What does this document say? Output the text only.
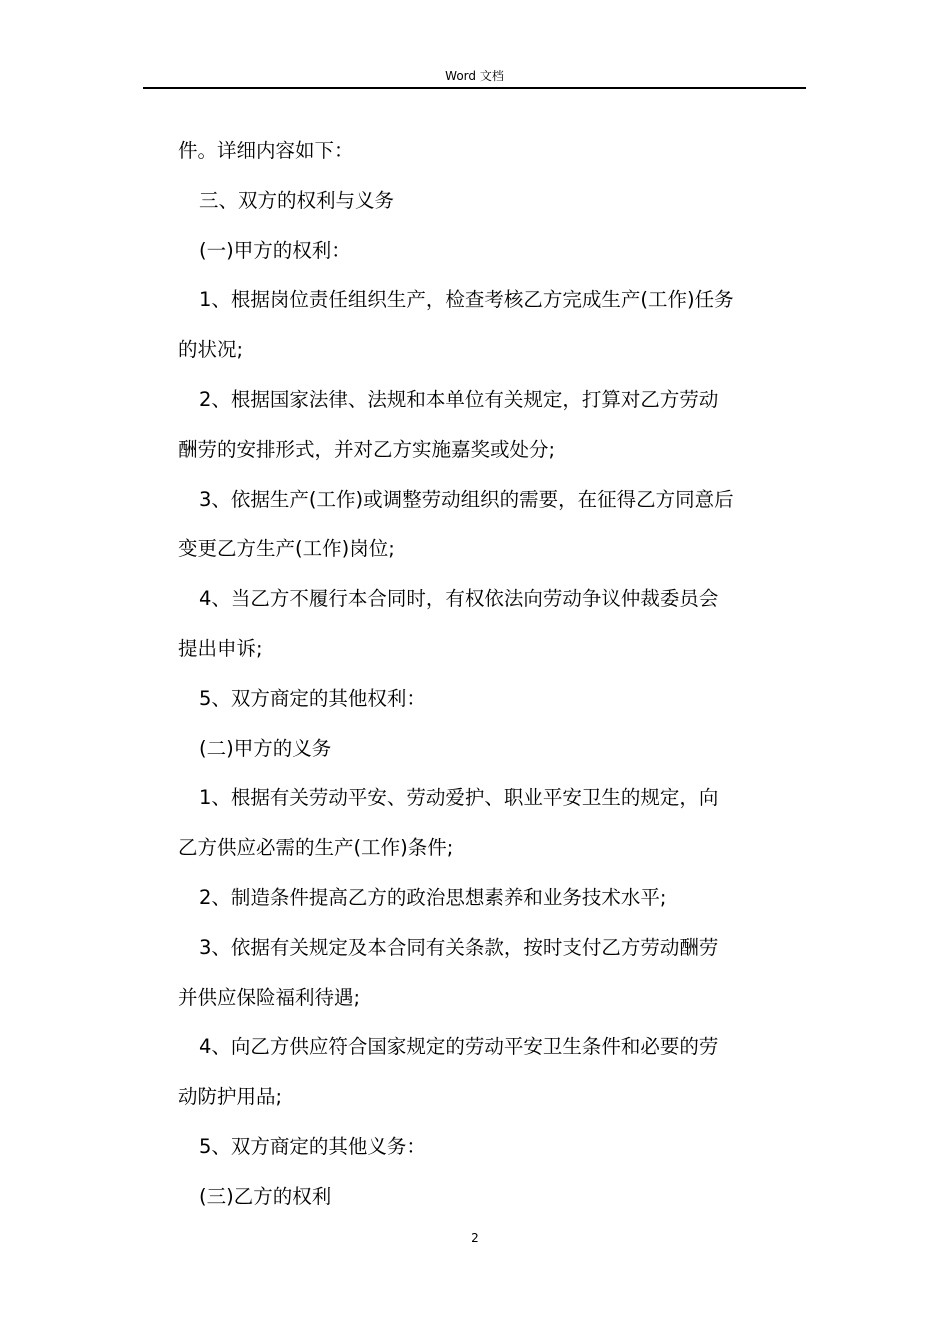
Word 文档
件。详细内容如下：
三、双方的权利与义务
(一)甲方的权利：
1、根据岗位责任组织生产，检查考核乙方完成生产(工作)任务
的状况;
2、根据国家法律、法规和本单位有关规定，打算对乙方劳动
酬劳的安排形式，并对乙方实施嘉奖或处分;
3、依据生产(工作)或调整劳动组织的需要，在征得乙方同意后
变更乙方生产(工作)岗位;
4、当乙方不履行本合同时，有权依法向劳动争议仲裁委员会
提出申诉;
5、双方商定的其他权利：
(二)甲方的义务
1、根据有关劳动平安、劳动爱护、职业平安卫生的规定，向
乙方供应必需的生产(工作)条件;
2、制造条件提高乙方的政治思想素养和业务技术水平;
3、依据有关规定及本合同有关条款，按时支付乙方劳动酬劳
并供应保险福利待遇;
4、向乙方供应符合国家规定的劳动平安卫生条件和必要的劳
动防护用品;
5、双方商定的其他义务：
(三)乙方的权利
2
